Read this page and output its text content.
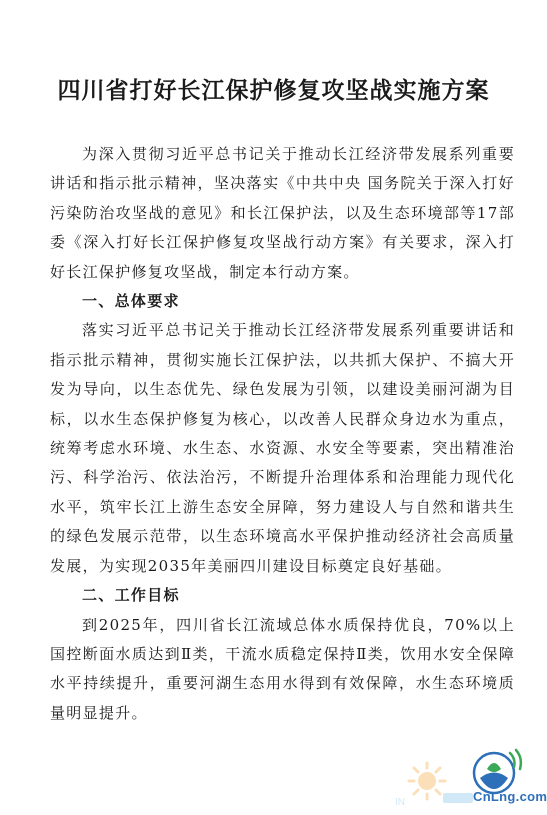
四川省打好长江保护修复攻坚战实施方案

为深入贯彻习近平总书记关于推动长江经济带发展系列重要讲话和指示批示精神，坚决落实《中共中央 国务院关于深入打好污染防治攻坚战的意见》和长江保护法，以及生态环境部等17部委《深入打好长江保护修复攻坚战行动方案》有关要求，深入打好长江保护修复攻坚战，制定本行动方案。

一、总体要求

落实习近平总书记关于推动长江经济带发展系列重要讲话和指示批示精神，贯彻实施长江保护法，以共抓大保护、不搞大开发为导向，以生态优先、绿色发展为引领，以建设美丽河湖为目标，以水生态保护修复为核心，以改善人民群众身边水为重点，统筹考虑水环境、水生态、水资源、水安全等要素，突出精准治污、科学治污、依法治污，不断提升治理体系和治理能力现代化水平，筑牢长江上游生态安全屏障，努力建设人与自然和谐共生的绿色发展示范带，以生态环境高水平保护推动经济社会高质量发展，为实现2035年美丽四川建设目标奠定良好基础。

二、工作目标

到2025年，四川省长江流域总体水质保持优良，70%以上国控断面水质达到Ⅱ类，干流水质稳定保持Ⅱ类，饮用水安全保障水平持续提升，重要河湖生态用水得到有效保障，水生态环境质量明显提升。

IN	CnLng.com
